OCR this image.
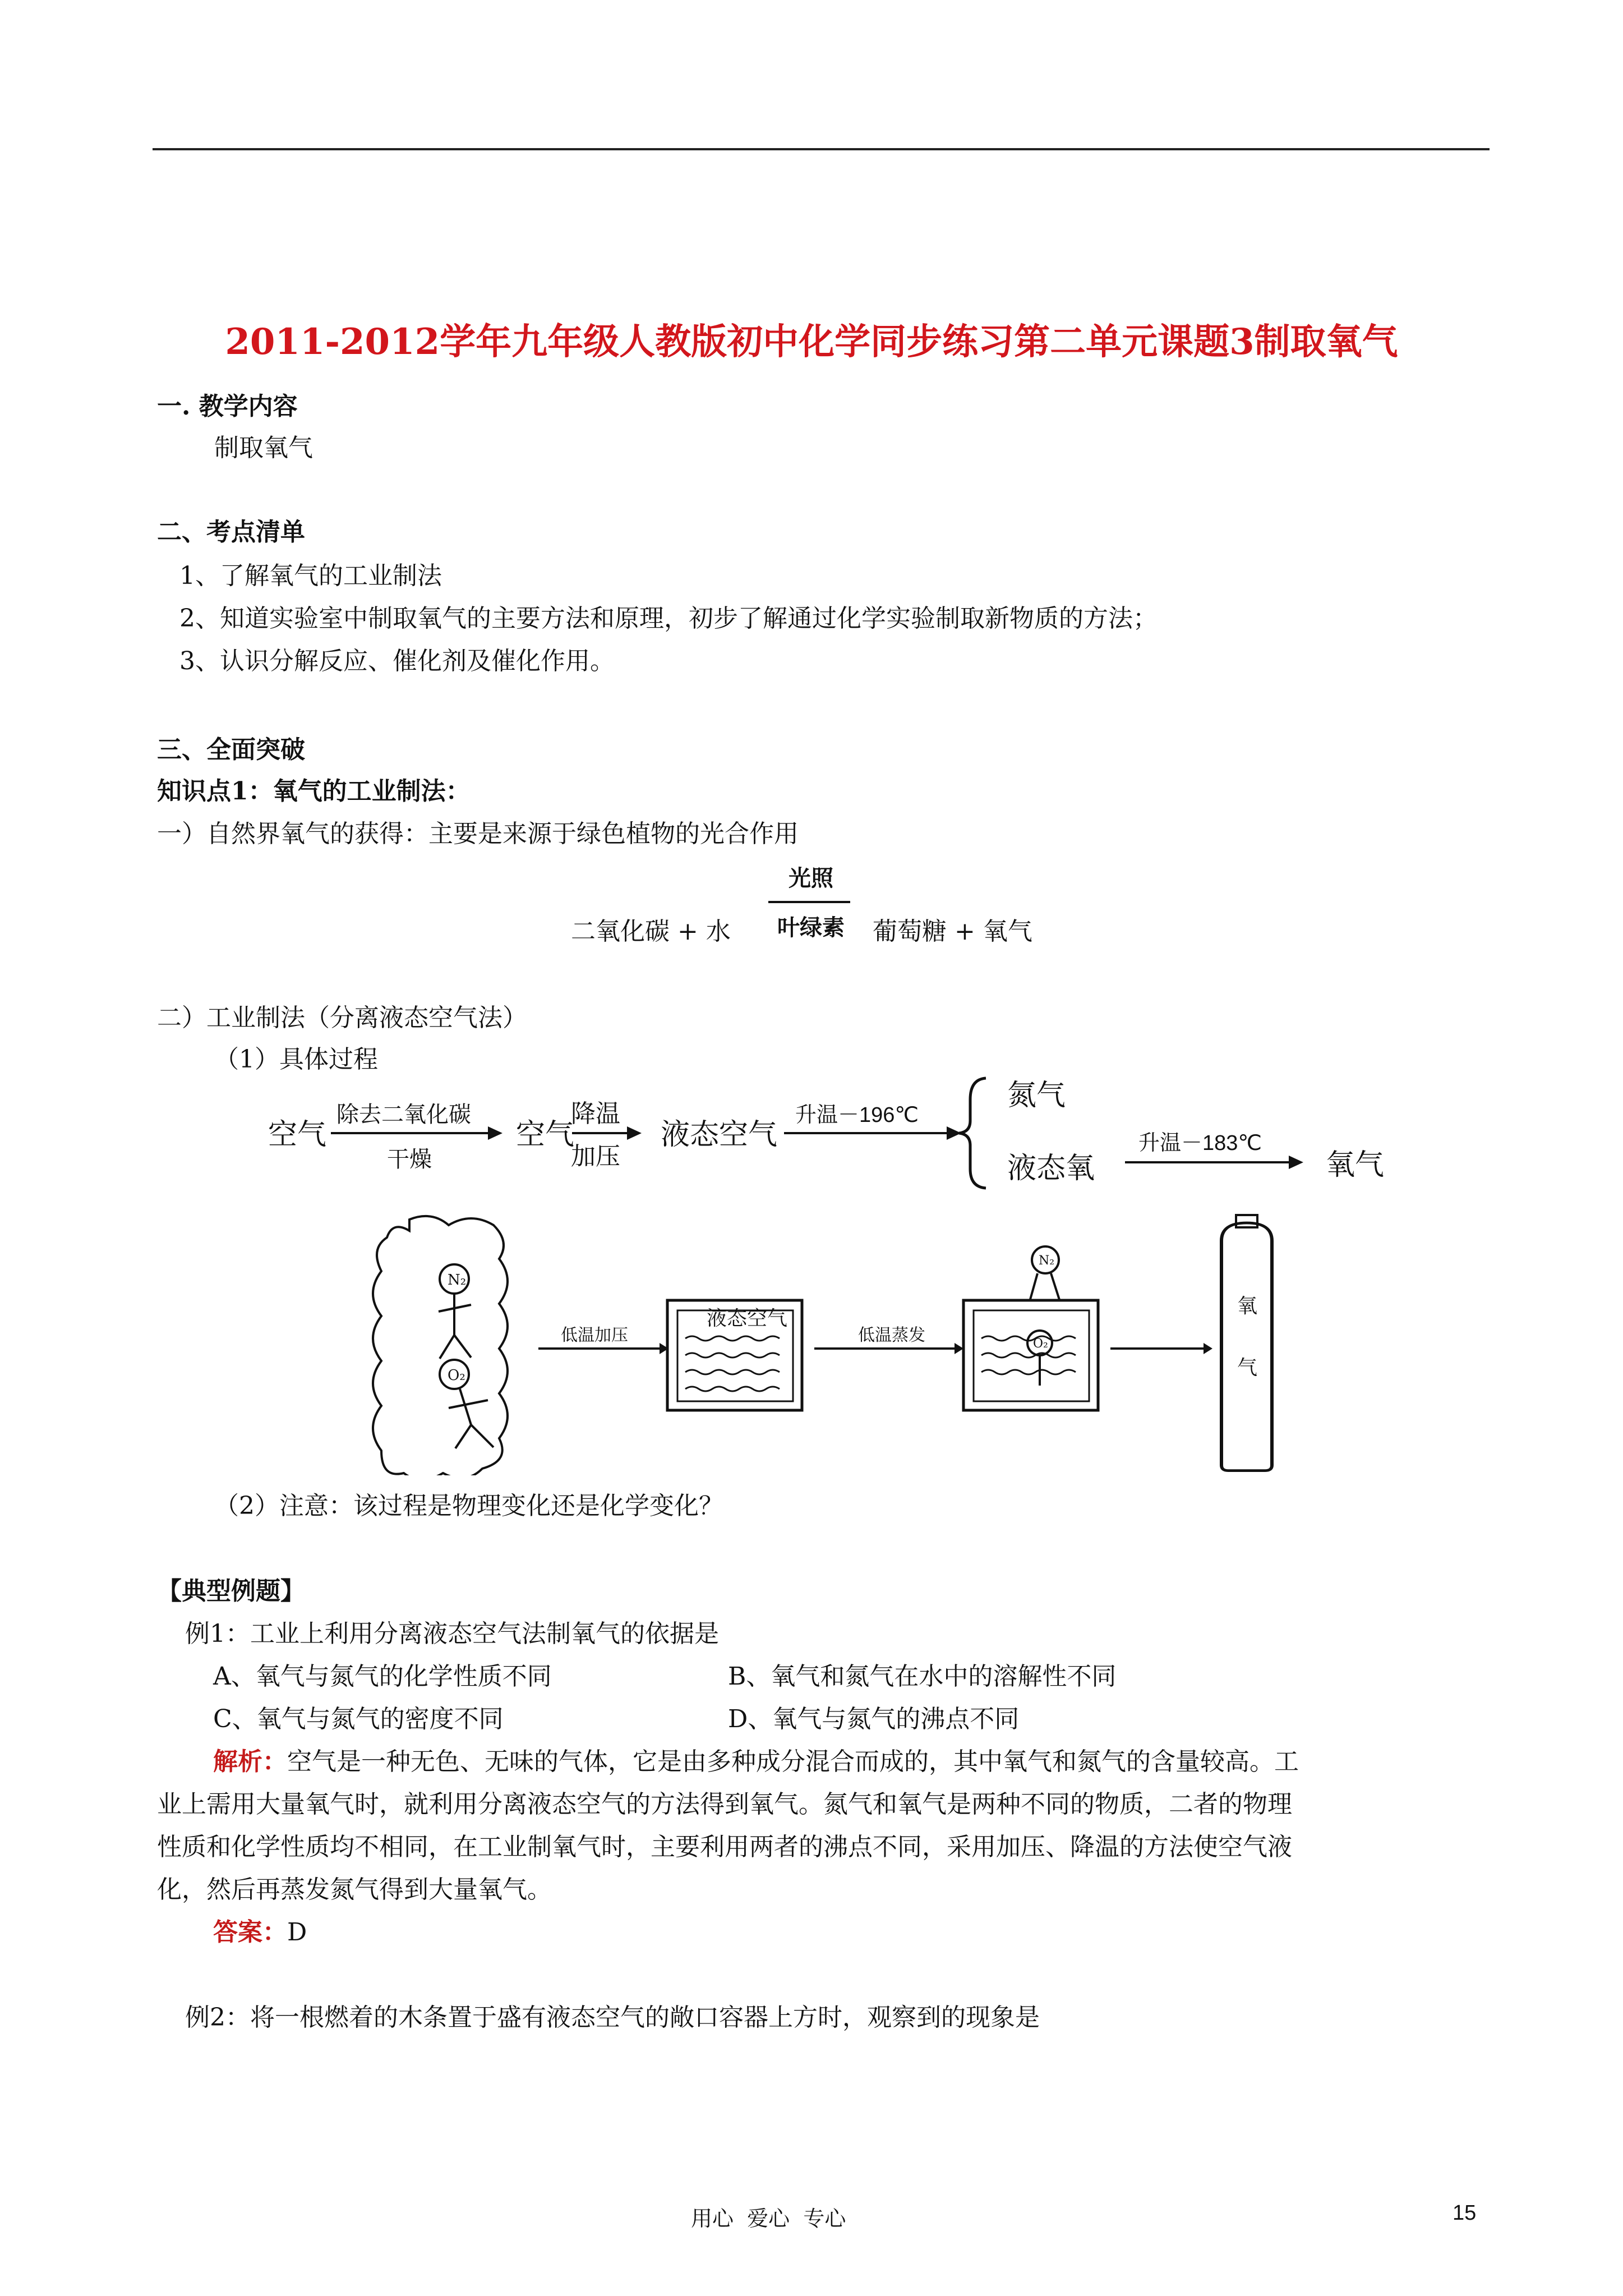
2011-2012学年九年级人教版初中化学同步练习第二单元课题3制取氧气
一. 教学内容
制取氧气
二、考点清单
1、了解氧气的工业制法
2、知道实验室中制取氧气的主要方法和原理，初步了解通过化学实验制取新物质的方法；
3、认识分解反应、催化剂及催化作用。
三、全面突破
知识点1：氧气的工业制法：
一）自然界氧气的获得：主要是来源于绿色植物的光合作用
二氧化碳 + 水
光照
叶绿素 葡萄糖 + 氧气
二）工业制法（分离液态空气法）
（1）具体过程
空气
除去二氧化碳
干燥
空气
降温
加压
液态空气
升温－196℃
氮气
液态氧
升温－183℃
氧气
N₂
O₂
低温加压
液态空气
低温蒸发
N₂
O₂
氧
气
（2）注意：该过程是物理变化还是化学变化？
【典型例题】
例1：工业上利用分离液态空气法制氧气的依据是
A、氧气与氮气的化学性质不同	B、氧气和氮气在水中的溶解性不同
C、氧气与氮气的密度不同	D、氧气与氮气的沸点不同
解析：空气是一种无色、无味的气体，它是由多种成分混合而成的，其中氧气和氮气的含量较高。工
业上需用大量氧气时，就利用分离液态空气的方法得到氧气。氮气和氧气是两种不同的物质，二者的物理
性质和化学性质均不相同，在工业制氧气时，主要利用两者的沸点不同，采用加压、降温的方法使空气液
化，然后再蒸发氮气得到大量氧气。
答案：D
例2：将一根燃着的木条置于盛有液态空气的敞口容器上方时，观察到的现象是
用心  爱心  专心	15
